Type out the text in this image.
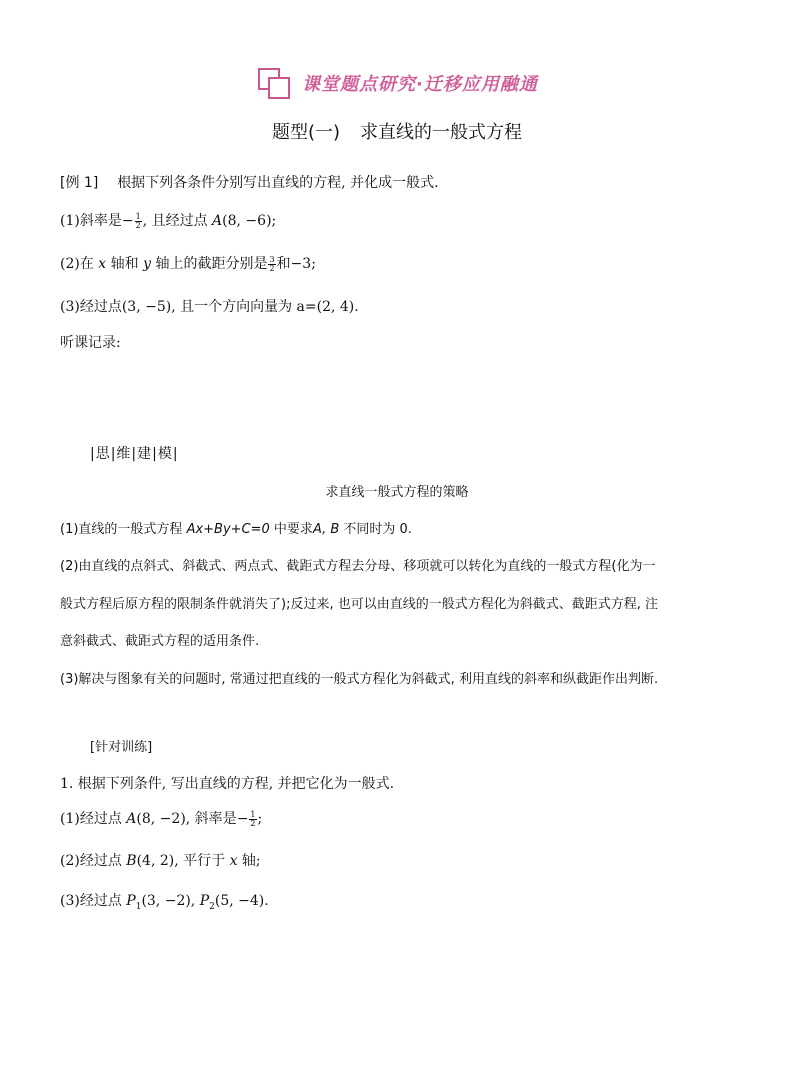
课堂题点研究·迁移应用融通
题型(一) 求直线的一般式方程
[例 1] 根据下列各条件分别写出直线的方程, 并化成一般式.
(1)斜率是− $\frac{1}{2}$ , 且经过点 A(8, −6);
(2)在 x 轴和 y 轴上的截距分别是 $\frac{3}{2}$ 和−3;
(3)经过点(3, −5), 且一个方向向量为 a=(2, 4).
听课记录:
|思|维|建|模|
求直线一般式方程的策略
(1)直线的一般式方程 Ax+By+C=0 中要求A, B 不同时为 0.
(2)由直线的点斜式、斜截式、两点式、截距式方程去分母、移项就可以转化为直线的一般式方程(化为一
般式方程后原方程的限制条件就消失了);反过来, 也可以由直线的一般式方程化为斜截式、截距式方程, 注
意斜截式、截距式方程的适用条件.
(3)解决与图象有关的问题时, 常通过把直线的一般式方程化为斜截式, 利用直线的斜率和纵截距作出判断.
[针对训练]
1. 根据下列条件, 写出直线的方程, 并把它化为一般式.
(1)经过点 A(8, −2), 斜率是− $\frac{1}{2}$ ;
(2)经过点 B(4, 2), 平行于 x 轴;
(3)经过点 $P_1(3$, −2), $P_2(5$, −4).
